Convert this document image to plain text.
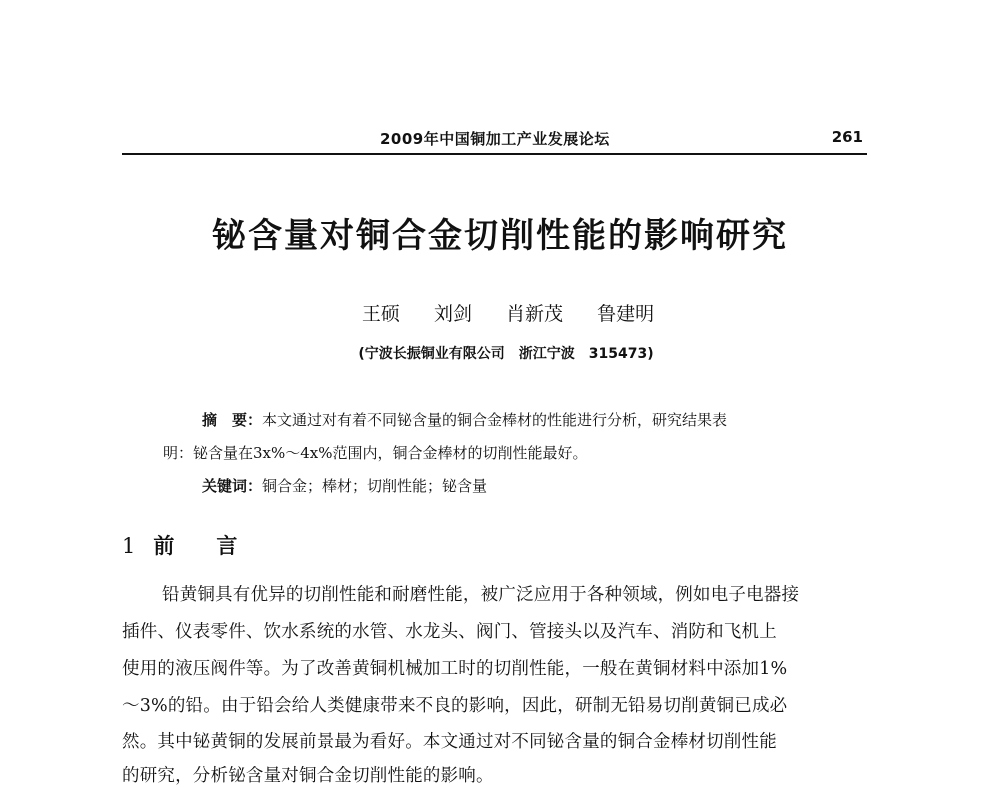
2009年中国铜加工产业发展论坛	261
铋含量对铜合金切削性能的影响研究
王硕 刘剑 肖新茂 鲁建明
(宁波长振铜业有限公司　浙江宁波　315473)
摘　要：本文通过对有着不同铋含量的铜合金棒材的性能进行分析，研究结果表
明：铋含量在3x%～4x%范围内，铜合金棒材的切削性能最好。
关键词：铜合金；棒材；切削性能；铋含量
1 前　　言
铅黄铜具有优异的切削性能和耐磨性能，被广泛应用于各种领域，例如电子电器接
插件、仪表零件、饮水系统的水管、水龙头、阀门、管接头以及汽车、消防和飞机上
使用的液压阀件等。为了改善黄铜机械加工时的切削性能，一般在黄铜材料中添加1%
～3%的铅。由于铅会给人类健康带来不良的影响，因此，研制无铅易切削黄铜已成必
然。其中铋黄铜的发展前景最为看好。本文通过对不同铋含量的铜合金棒材切削性能
的研究，分析铋含量对铜合金切削性能的影响。
